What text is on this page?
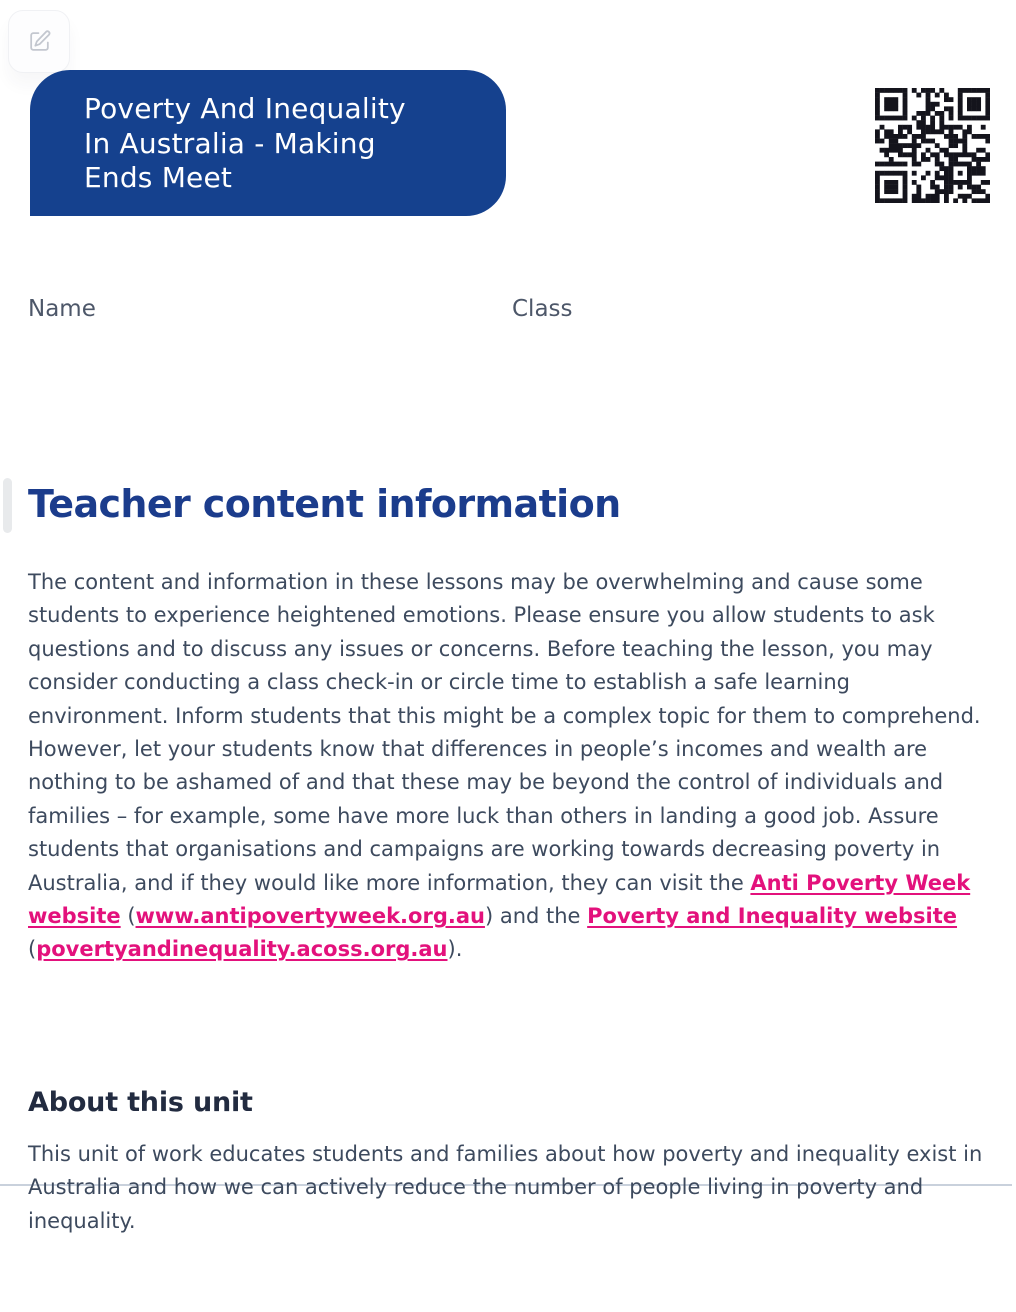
Poverty And Inequality In Australia - Making Ends Meet
Name	Class
Teacher content information

The content and information in these lessons may be overwhelming and cause some students to experience heightened emotions. Please ensure you allow students to ask questions and to discuss any issues or concerns. Before teaching the lesson, you may consider conducting a class check-in or circle time to establish a safe learning environment. Inform students that this might be a complex topic for them to comprehend. However, let your students know that differences in people’s incomes and wealth are nothing to be ashamed of and that these may be beyond the control of individuals and families – for example, some have more luck than others in landing a good job. Assure students that organisations and campaigns are working towards decreasing poverty in Australia, and if they would like more information, they can visit the Anti Poverty Week website (www.antipovertyweek.org.au) and the Poverty and Inequality website (povertyandinequality.acoss.org.au).

About this unit

This unit of work educates students and families about how poverty and inequality exist in Australia and how we can actively reduce the number of people living in poverty and inequality.
